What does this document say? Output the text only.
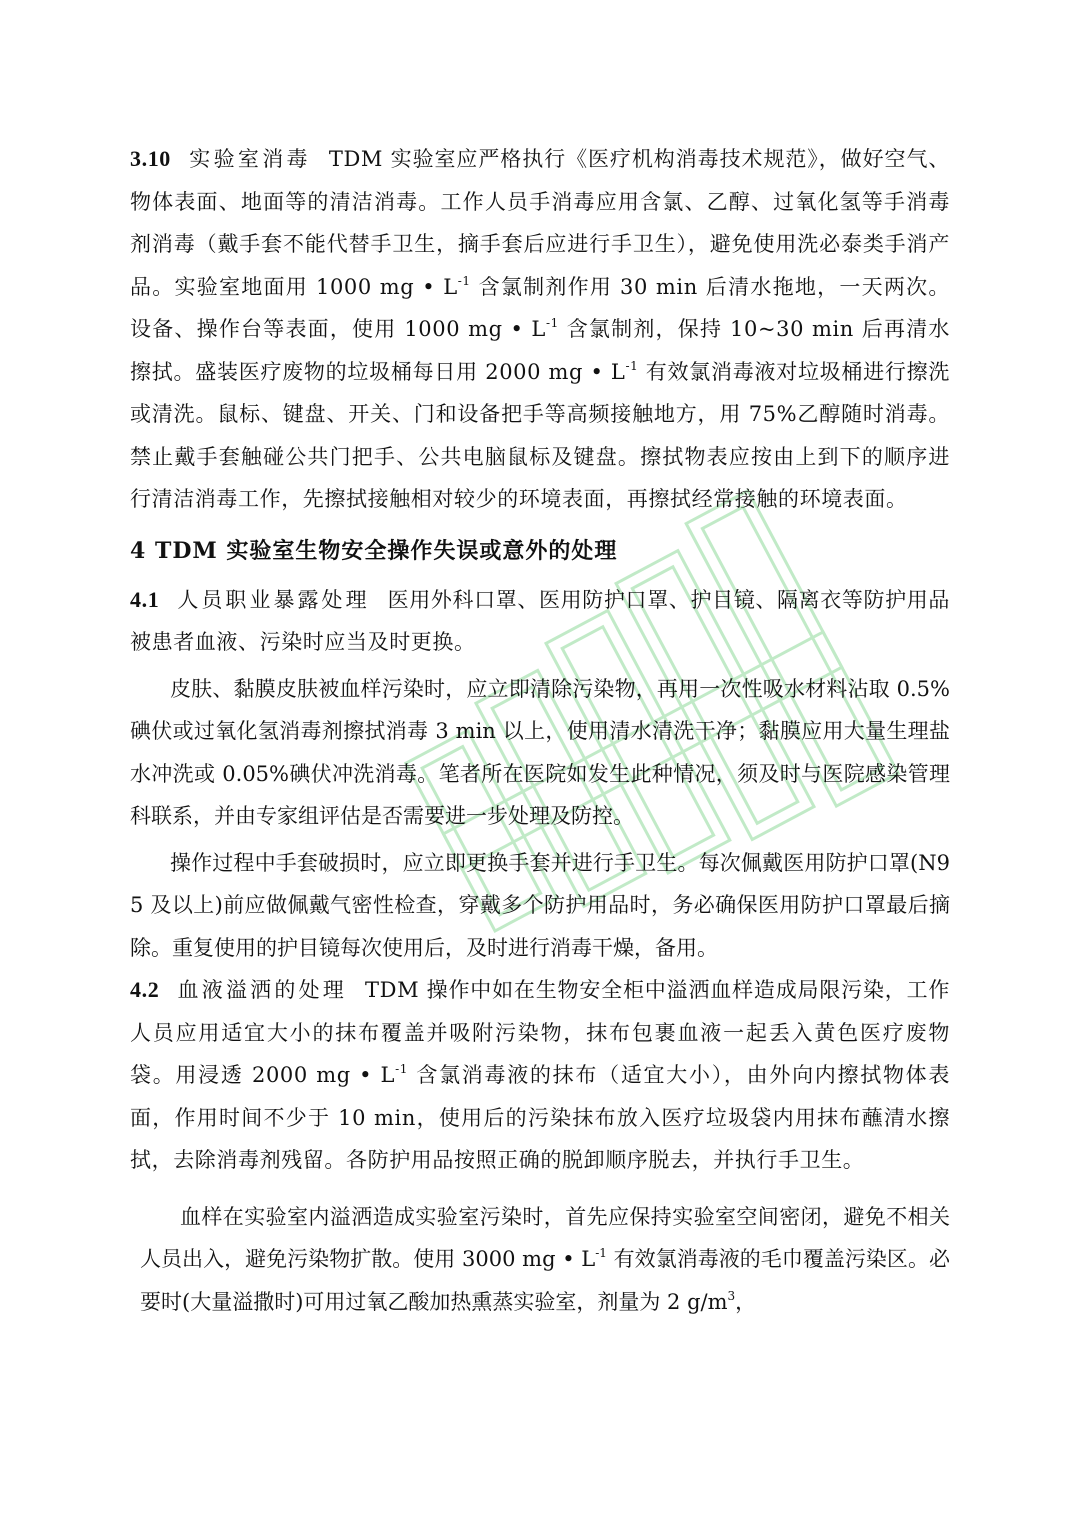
3.10 实验室消毒 TDM 实验室应严格执行《医疗机构消毒技术规范》，做好空气、物体表面、地面等的清洁消毒。工作人员手消毒应用含氯、乙醇、过氧化氢等手消毒剂消毒（戴手套不能代替手卫生，摘手套后应进行手卫生），避免使用洗必泰类手消产品。实验室地面用 1000 mg • $L^{-1}$ 含氯制剂作用 30 min 后清水拖地，一天两次。设备、操作台等表面，使用 1000 mg • $L^{-1}$ 含氯制剂，保持 10~30 min 后再清水擦拭。盛装医疗废物的垃圾桶每日用 2000 mg • $L^{-1}$ 有效氯消毒液对垃圾桶进行擦洗或清洗。鼠标、键盘、开关、门和设备把手等高频接触地方，用 75%乙醇随时消毒。禁止戴手套触碰公共门把手、公共电脑鼠标及键盘。擦拭物表应按由上到下的顺序进行清洁消毒工作，先擦拭接触相对较少的环境表面，再擦拭经常接触的环境表面。

4 TDM 实验室生物安全操作失误或意外的处理

4.1 人员职业暴露处理 医用外科口罩、医用防护口罩、护目镜、隔离衣等防护用品被患者血液、污染时应当及时更换。

皮肤、黏膜皮肤被血样污染时，应立即清除污染物，再用一次性吸水材料沾取 0.5%碘伏或过氧化氢消毒剂擦拭消毒 3 min 以上，使用清水清洗干净；黏膜应用大量生理盐水冲洗或 0.05%碘伏冲洗消毒。笔者所在医院如发生此种情况，须及时与医院感染管理科联系，并由专家组评估是否需要进一步处理及防控。

操作过程中手套破损时，应立即更换手套并进行手卫生。每次佩戴医用防护口罩(N95 及以上)前应做佩戴气密性检查，穿戴多个防护用品时，务必确保医用防护口罩最后摘除。重复使用的护目镜每次使用后，及时进行消毒干燥，备用。

4.2 血液溢洒的处理 TDM 操作中如在生物安全柜中溢洒血样造成局限污染，工作人员应用适宜大小的抹布覆盖并吸附污染物，抹布包裹血液一起丢入黄色医疗废物袋。用浸透 2000 mg • $L^{-1}$ 含氯消毒液的抹布（适宜大小），由外向内擦拭物体表面，作用时间不少于 10 min，使用后的污染抹布放入医疗垃圾袋内用抹布蘸清水擦拭，去除消毒剂残留。各防护用品按照正确的脱卸顺序脱去，并执行手卫生。

血样在实验室内溢洒造成实验室污染时，首先应保持实验室空间密闭，避免不相关人员出入，避免污染物扩散。使用 3000 mg • $L^{-1}$ 有效氯消毒液的毛巾覆盖污染区。必要时(大量溢撒时)可用过氧乙酸加热熏蒸实验室，剂量为 2 $g/m^3$，
